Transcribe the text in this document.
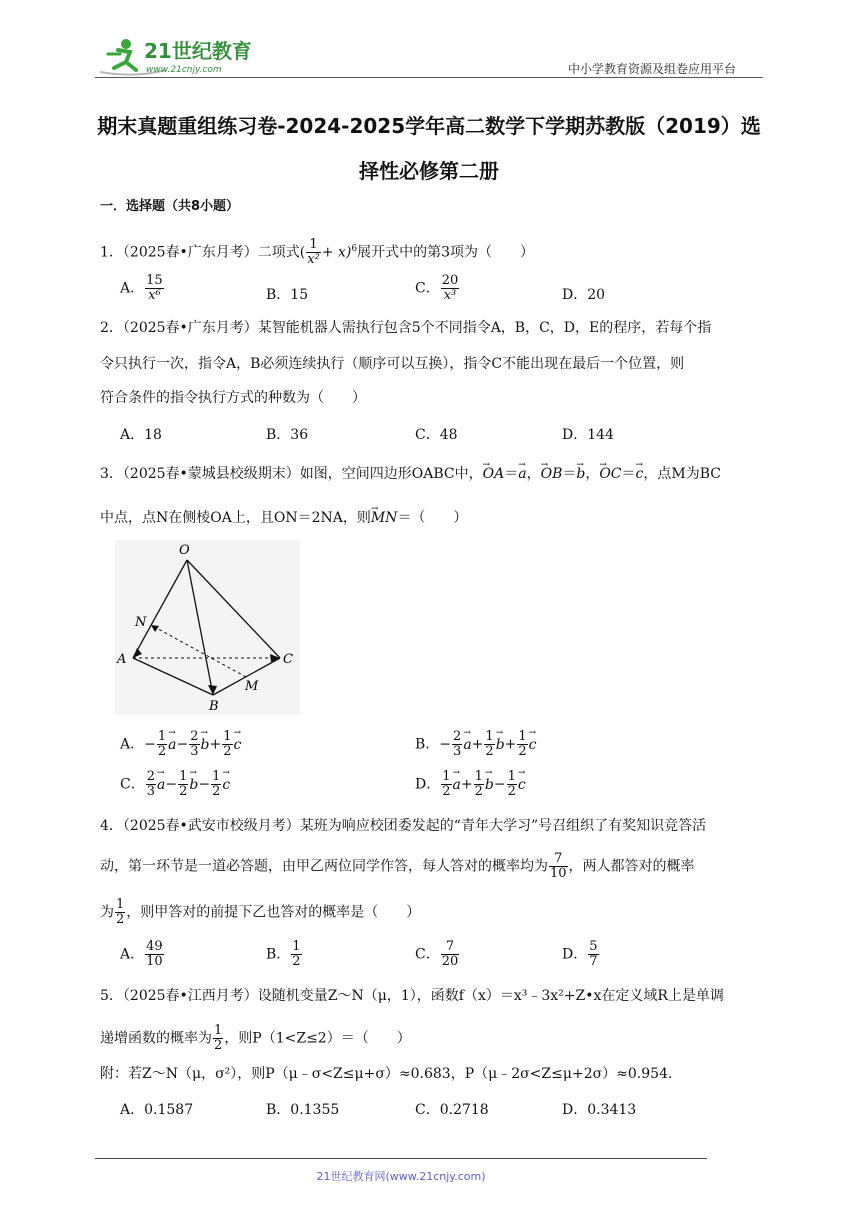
21世纪教育
www.21cnjy.com	中小学教育资源及组卷应用平台
期末真题重组练习卷-2024-2025学年高二数学下学期苏教版（2019）选
择性必修第二册
一．选择题（共8小题）
1．（2025春•广东月考）二项式( $\frac{1}{\text{x²}} + x)^6$展开式中的第3项为（　　）
A． $\frac{15}{\text{x⁶}}$	B．15	C． $\frac{20}{\text{x³}}$	D．20
2．（2025春•广东月考）某智能机器人需执行包含5个不同指令A，B，C，D，E的程序，若每个指
令只执行一次，指令A，B必须连续执行（顺序可以互换），指令C不能出现在最后一个位置，则
符合条件的指令执行方式的种数为（　　）
A．18	B．36	C．48	D．144
3．（2025春•蒙城县校级期末）如图，空间四边形OABC中，→ OA＝→ a，→ OB＝→ b，→ OC＝→ c，点M为BC
中点，点N在侧棱OA上，且ON＝2NA，则→ MN＝（　　）
O
N
A	C
M
B
A．− $\frac{1}{2}$
→ $a- \frac{2}{3}$
→ $b+ \frac{1}{2}$
→ c	B．− $\frac{2}{3}$
→ $a+ \frac{1}{2}$
→ $b+ \frac{1}{2}$
→ c
C． $\frac{2}{3}$
→ $a- \frac{1}{2}$
→ $b- \frac{1}{2}$
→ c	D． $\frac{1}{2}$
→ $a+ \frac{1}{2}$
→ $b- \frac{1}{2}$
→ c
4．（2025春•武安市校级月考）某班为响应校团委发起的“青年大学习”号召组织了有奖知识竞答活
动，第一环节是一道必答题，由甲乙两位同学作答，每人答对的概率均为 $\frac{7}{10}$ ，两人都答对的概率
为 $\frac{1}{2}$ ，则甲答对的前提下乙也答对的概率是（　　）
A． $\frac{49}{10}$	B． $\frac{1}{2}$	C． $\frac{7}{20}$	D． $\frac{5}{7}$
5．（2025春•江西月考）设随机变量Z～N（μ，1），函数f（x）＝x³﹣3x²+Z•x在定义域R上是单调
递增函数的概率为 $\frac{1}{2}$ ，则P（1<Z≤2）＝（　　）
附：若Z～N（μ，σ²），则P（μ﹣σ<Z≤μ+σ）≈0.683，P（μ﹣2σ<Z≤μ+2σ）≈0.954．
A．0.1587	B．0.1355	C．0.2718	D．0.3413
21世纪教育网(www.21cnjy.com)
